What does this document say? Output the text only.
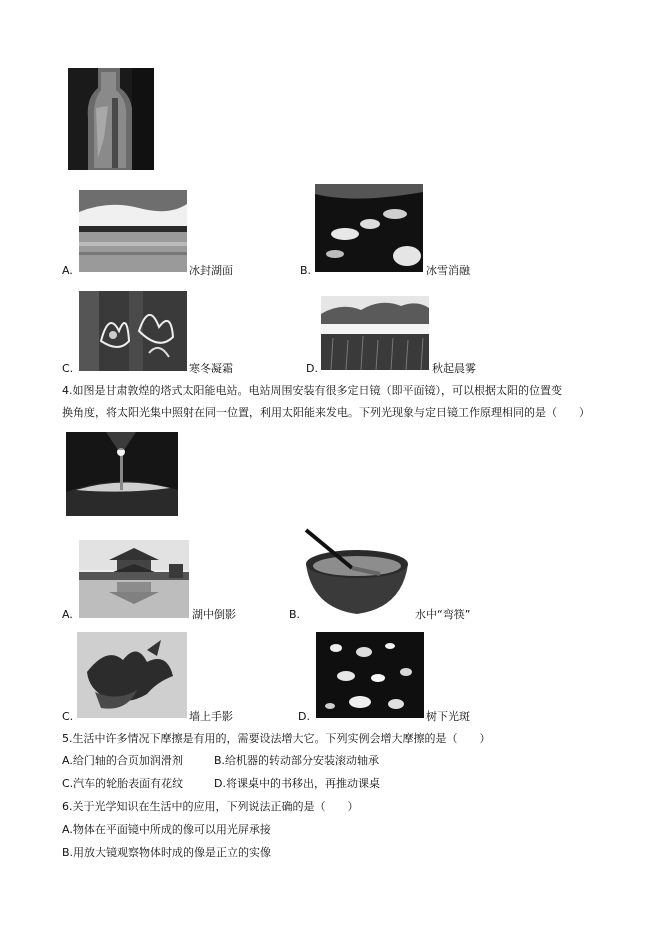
A.	冰封湖面	B.	冰雪消融
C.	寒冬凝霜	D.	秋起晨雾
4.如图是甘肃敦煌的塔式太阳能电站。电站周围安装有很多定日镜（即平面镜），可以根据太阳的位置变
换角度，将太阳光集中照射在同一位置，利用太阳能来发电。下列光现象与定日镜工作原理相同的是（　　）
A.	湖中倒影	B.	水中“弯筷”
C.	墙上手影	D.	树下光斑
5.生活中许多情况下摩擦是有用的，需要设法增大它。下列实例会增大摩擦的是（　　）
A.给门轴的合页加润滑剂	B.给机器的转动部分安装滚动轴承
C.汽车的轮胎表面有花纹	D.将课桌中的书移出，再推动课桌
6.关于光学知识在生活中的应用，下列说法正确的是（　　）
A.物体在平面镜中所成的像可以用光屏承接
B.用放大镜观察物体时成的像是正立的实像
